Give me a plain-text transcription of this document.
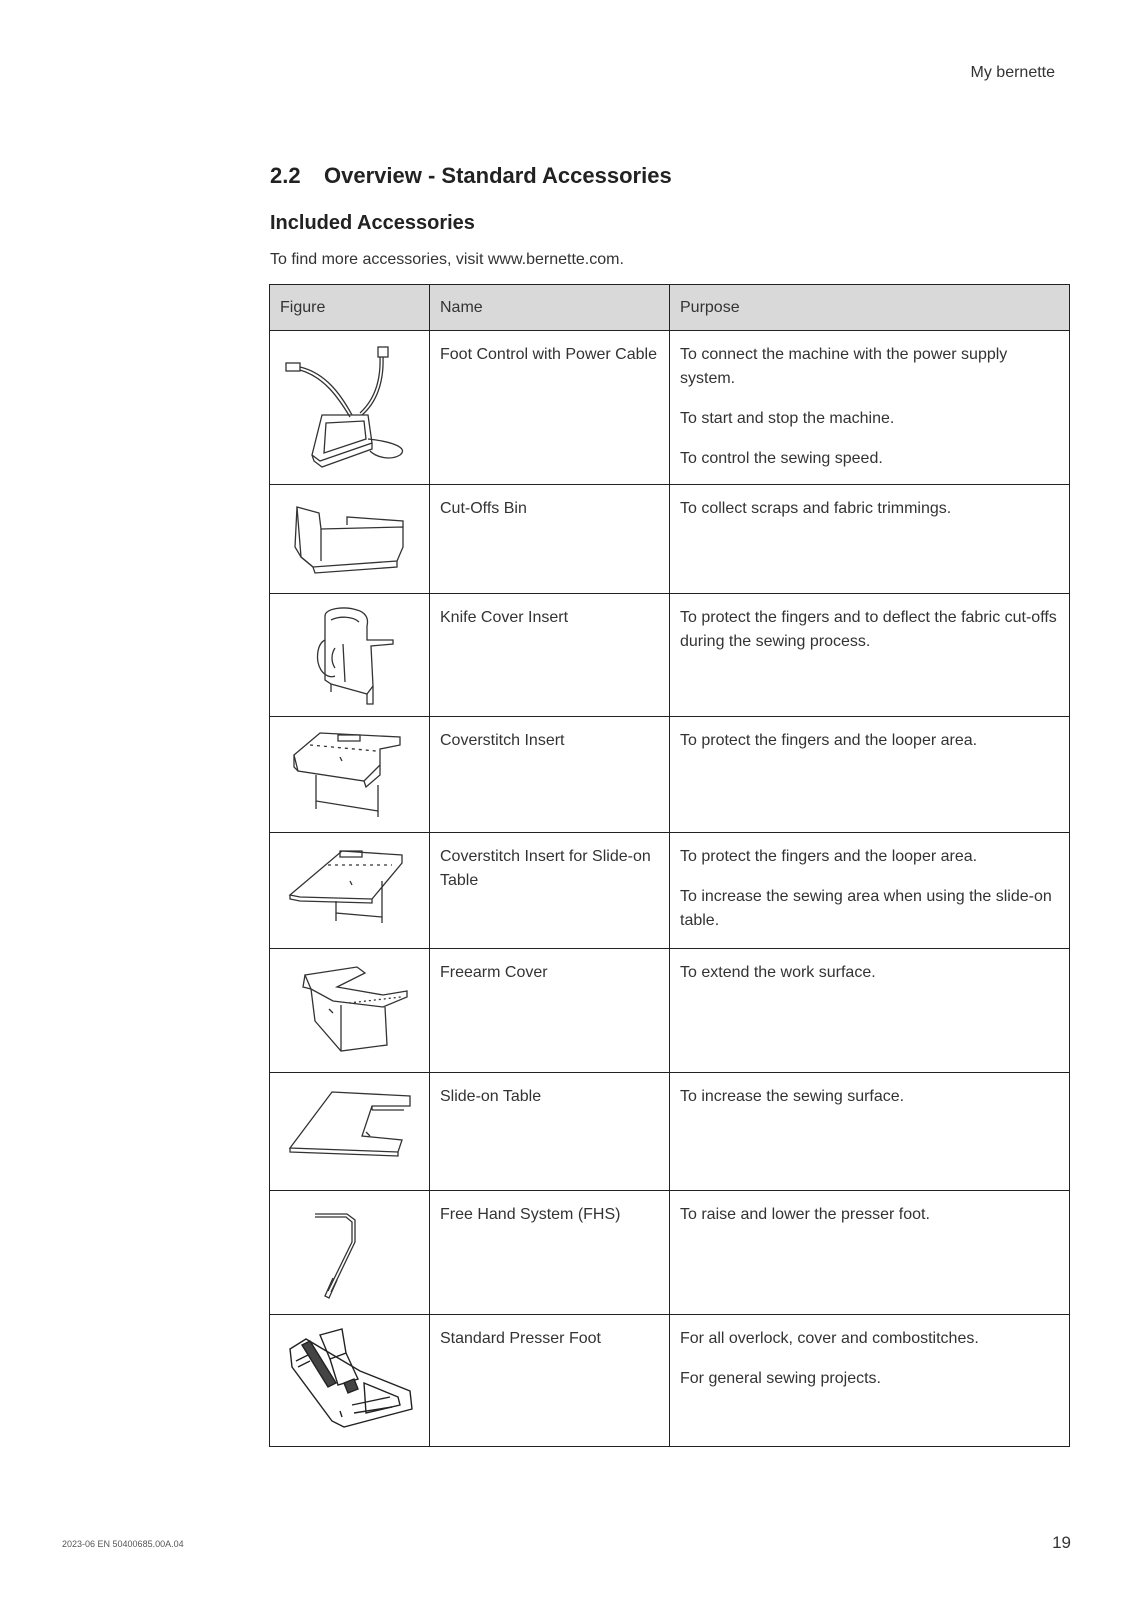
My bernette
2.2 Overview - Standard Accessories
Included Accessories

To find more accessories, visit www.bernette.com.

Figure	Name	Purpose

	Foot Control with Power Cable	To connect the machine with the power supply system.

To start and stop the machine.

To control the sewing speed.

	Cut-Offs Bin	To collect scraps and fabric trimmings.

	Knife Cover Insert	To protect the fingers and to deflect the fabric cut-offs during the sewing process.

	Coverstitch Insert	To protect the fingers and the looper area.

	Coverstitch Insert for Slide-on Table	To protect the fingers and the looper area.

To increase the sewing area when using the slide-on table.

	Freearm Cover	To extend the work surface.

	Slide-on Table	To increase the sewing surface.

	Free Hand System (FHS)	To raise and lower the presser foot.

	Standard Presser Foot	For all overlock, cover and combostitches.

For general sewing projects.

2023-06 EN 50400685.00A.04	19
